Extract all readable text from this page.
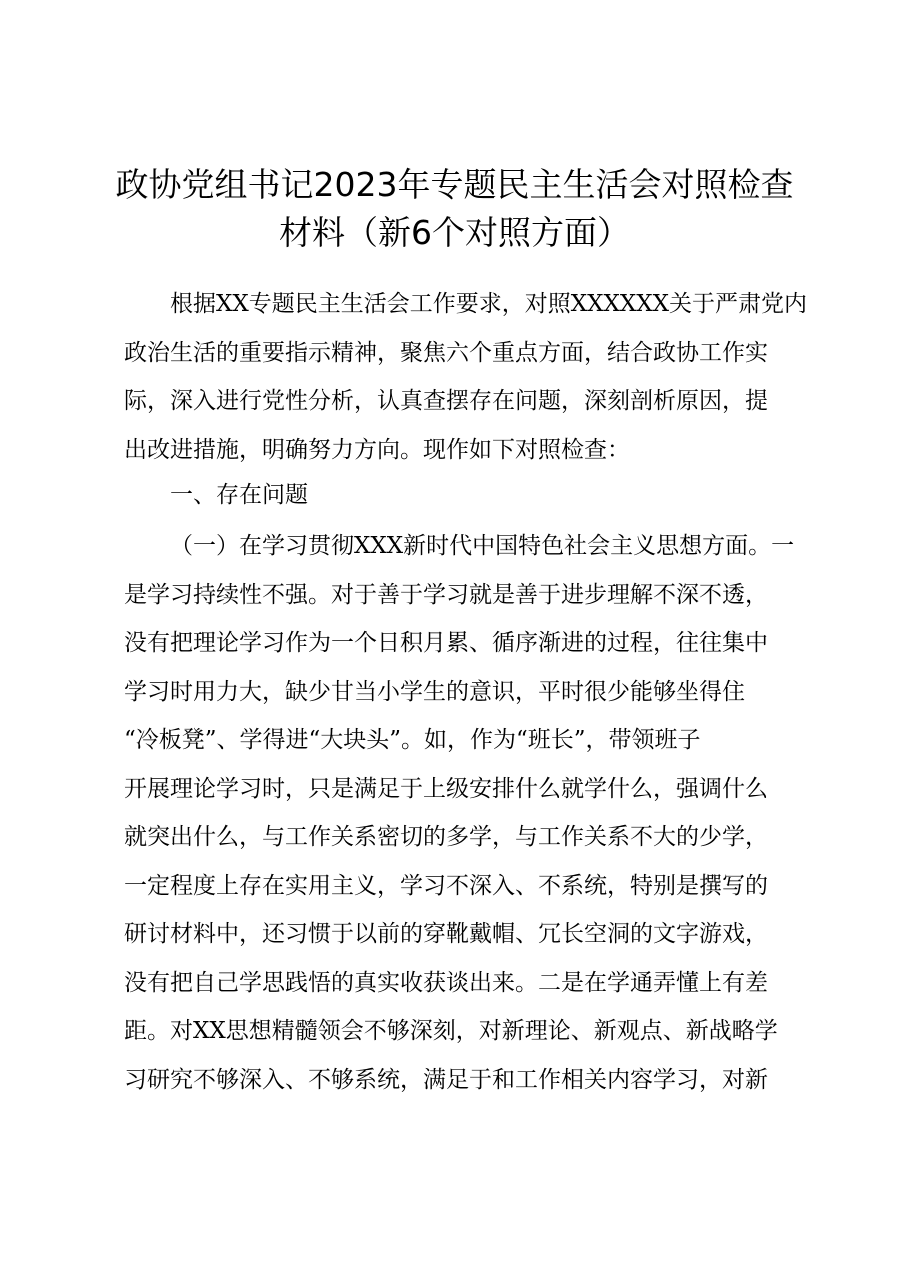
政协党组书记2023年专题民主生活会对照检查
材料（新6个对照方面）
根据XX专题民主生活会工作要求，对照XXXXXX关于严肃党内
政治生活的重要指示精神，聚焦六个重点方面，结合政协工作实
际，深入进行党性分析，认真查摆存在问题，深刻剖析原因，提
出改进措施，明确努力方向。现作如下对照检查：
一、存在问题
（一）在学习贯彻XXX新时代中国特色社会主义思想方面。一
是学习持续性不强。对于善于学习就是善于进步理解不深不透，
没有把理论学习作为一个日积月累、循序渐进的过程，往往集中
学习时用力大，缺少甘当小学生的意识，平时很少能够坐得住
“冷板凳”、学得进“大块头”。如，作为“班长”，带领班子
开展理论学习时，只是满足于上级安排什么就学什么，强调什么
就突出什么，与工作关系密切的多学，与工作关系不大的少学，
一定程度上存在实用主义，学习不深入、不系统，特别是撰写的
研讨材料中，还习惯于以前的穿靴戴帽、冗长空洞的文字游戏，
没有把自己学思践悟的真实收获谈出来。二是在学通弄懂上有差
距。对XX思想精髓领会不够深刻，对新理论、新观点、新战略学
习研究不够深入、不够系统，满足于和工作相关内容学习，对新
